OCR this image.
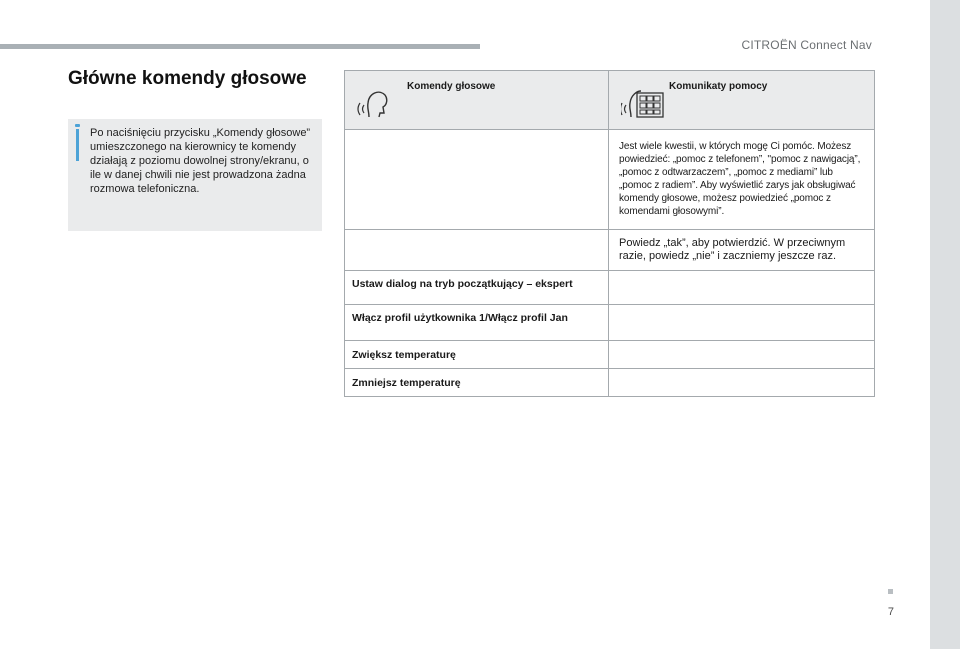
CITROËN Connect Nav
7
Główne komendy głosowe
Po naciśnięciu przycisku „Komendy głosowe” umieszczonego na kierownicy te komendy działają z poziomu dowolnej strony/ekranu, o ile w danej chwili nie jest prowadzona żadna rozmowa telefoniczna.
Komendy głosowe	Komunikaty pomocy

	Jest wiele kwestii, w których mogę Ci pomóc. Możesz powiedzieć: „pomoc z telefonem”, ''pomoc z nawigacją”, „pomoc z odtwarzaczem”, „pomoc z mediami” lub „pomoc z radiem”. Aby wyświetlić zarys jak obsługiwać komendy głosowe, możesz powiedzieć „pomoc z komendami głosowymi”.

	Powiedz „tak”, aby potwierdzić. W przeciwnym razie, powiedz „nie” i zaczniemy jeszcze raz.

Ustaw dialog na tryb początkujący – ekspert	

Włącz profil użytkownika 1/Włącz profil Jan	

Zwiększ temperaturę	

Zmniejsz temperaturę	
